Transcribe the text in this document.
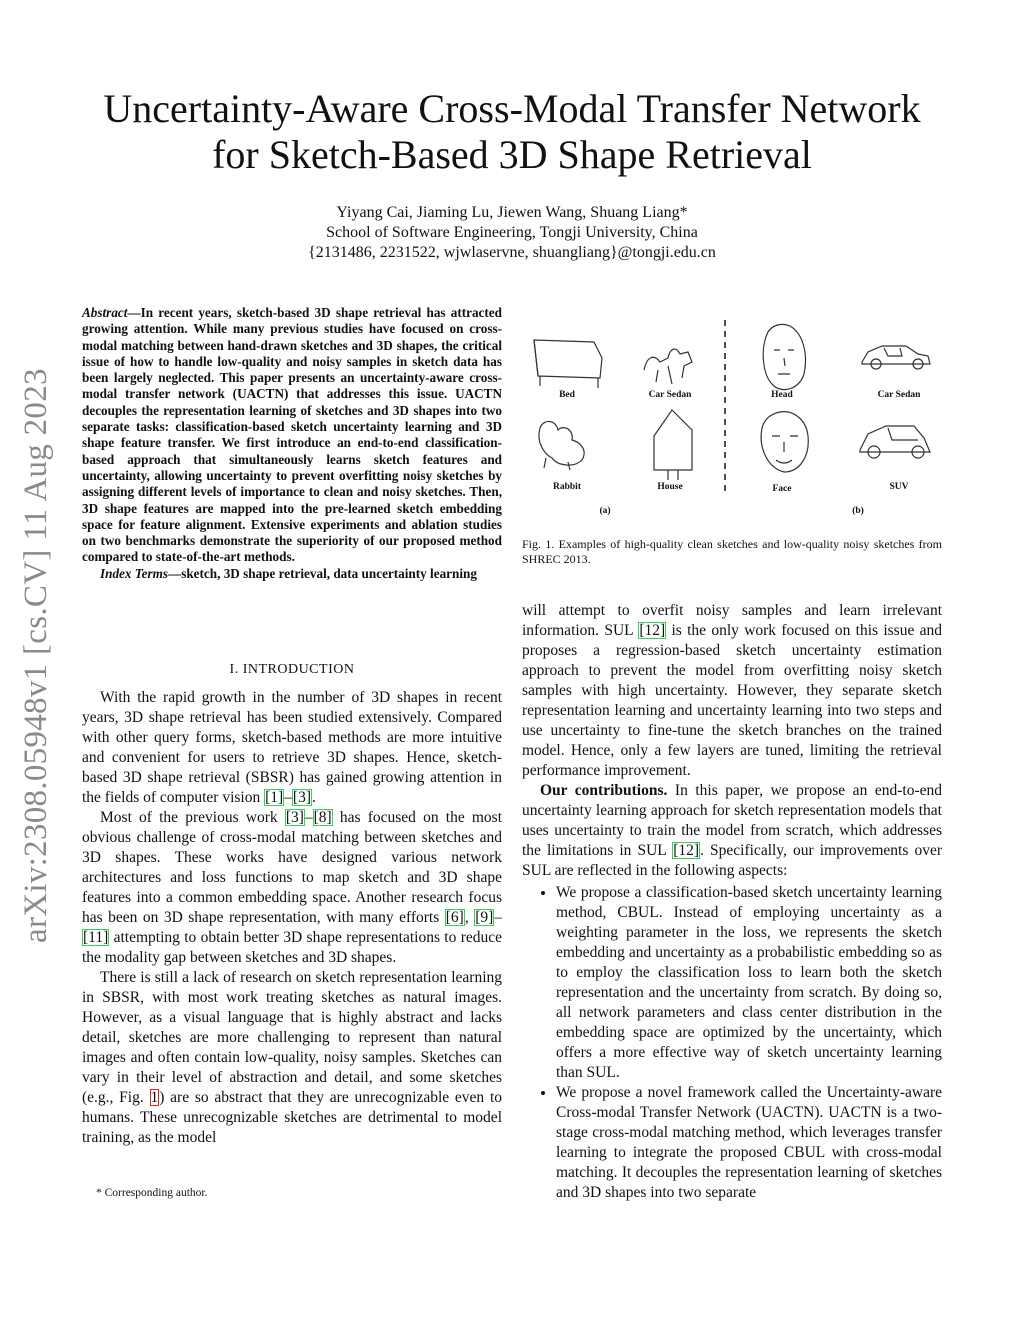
arXiv:2308.05948v1 [cs.CV] 11 Aug 2023
Uncertainty-Aware Cross-Modal Transfer Network
for Sketch-Based 3D Shape Retrieval
Yiyang Cai, Jiaming Lu, Jiewen Wang, Shuang Liang*
School of Software Engineering, Tongji University, China
{2131486, 2231522, wjwlaservne, shuangliang}@tongji.edu.cn
Abstract—In recent years, sketch-based 3D shape retrieval has attracted growing attention. While many previous studies have focused on cross-modal matching between hand-drawn sketches and 3D shapes, the critical issue of how to handle low-quality and noisy samples in sketch data has been largely neglected. This paper presents an uncertainty-aware cross-modal transfer network (UACTN) that addresses this issue. UACTN decouples the representation learning of sketches and 3D shapes into two separate tasks: classification-based sketch uncertainty learning and 3D shape feature transfer. We first introduce an end-to-end classification-based approach that simultaneously learns sketch features and uncertainty, allowing uncertainty to prevent overfitting noisy sketches by assigning different levels of importance to clean and noisy sketches. Then, 3D shape features are mapped into the pre-learned sketch embedding space for feature alignment. Extensive experiments and ablation studies on two benchmarks demonstrate the superiority of our proposed method compared to state-of-the-art methods.
Index Terms—sketch, 3D shape retrieval, data uncertainty learning
I. INTRODUCTION

With the rapid growth in the number of 3D shapes in recent years, 3D shape retrieval has been studied extensively. Compared with other query forms, sketch-based methods are more intuitive and convenient for users to retrieve 3D shapes. Hence, sketch-based 3D shape retrieval (SBSR) has gained growing attention in the fields of computer vision [1]–[3].

Most of the previous work [3]–[8] has focused on the most obvious challenge of cross-modal matching between sketches and 3D shapes. These works have designed various network architectures and loss functions to map sketch and 3D shape features into a common embedding space. Another research focus has been on 3D shape representation, with many efforts [6], [9]–[11] attempting to obtain better 3D shape representations to reduce the modality gap between sketches and 3D shapes.

There is still a lack of research on sketch representation learning in SBSR, with most work treating sketches as natural images. However, as a visual language that is highly abstract and lacks detail, sketches are more challenging to represent than natural images and often contain low-quality, noisy samples. Sketches can vary in their level of abstraction and detail, and some sketches (e.g., Fig. 1) are so abstract that they are unrecognizable even to humans. These unrecognizable sketches are detrimental to model training, as the model

Bed	Car Sedan	Head	Car Sedan
Rabbit	House	Face	SUV
(a)	(b)
Fig. 1. Examples of high-quality clean sketches and low-quality noisy sketches from SHREC 2013.

will attempt to overfit noisy samples and learn irrelevant information. SUL [12] is the only work focused on this issue and proposes a regression-based sketch uncertainty estimation approach to prevent the model from overfitting noisy sketch samples with high uncertainty. However, they separate sketch representation learning and uncertainty learning into two steps and use uncertainty to fine-tune the sketch branches on the trained model. Hence, only a few layers are tuned, limiting the retrieval performance improvement.

Our contributions. In this paper, we propose an end-to-end uncertainty learning approach for sketch representation models that uses uncertainty to train the model from scratch, which addresses the limitations in SUL [12]. Specifically, our improvements over SUL are reflected in the following aspects:

• We propose a classification-based sketch uncertainty learning method, CBUL. Instead of employing uncertainty as a weighting parameter in the loss, we represents the sketch embedding and uncertainty as a probabilistic embedding so as to employ the classification loss to learn both the sketch representation and the uncertainty from scratch. By doing so, all network parameters and class center distribution in the embedding space are optimized by the uncertainty, which offers a more effective way of sketch uncertainty learning than SUL.
• We propose a novel framework called the Uncertainty-aware Cross-modal Transfer Network (UACTN). UACTN is a two-stage cross-modal matching method, which leverages transfer learning to integrate the proposed CBUL with cross-modal matching. It decouples the representation learning of sketches and 3D shapes into two separate
* Corresponding author.
